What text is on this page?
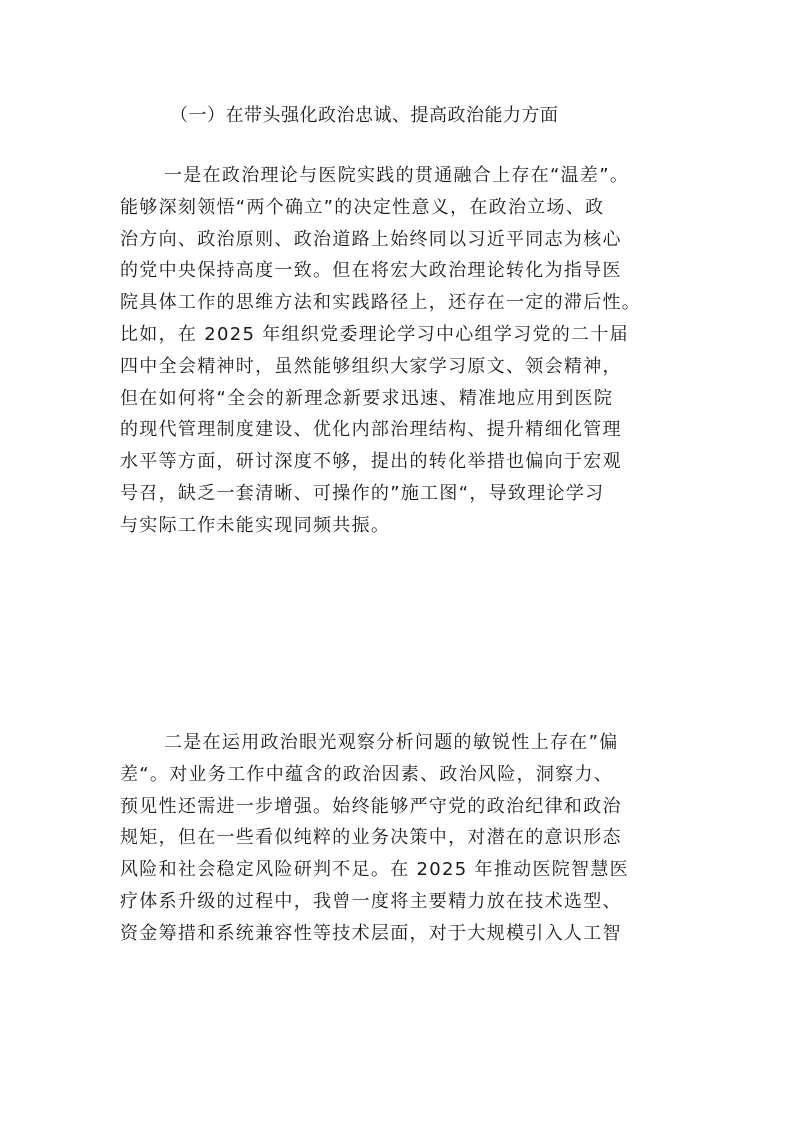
（一）在带头强化政治忠诚、提高政治能力方面
一是在政治理论与医院实践的贯通融合上存在“温差”。
能够深刻领悟“两个确立”的决定性意义，在政治立场、政
治方向、政治原则、政治道路上始终同以习近平同志为核心
的党中央保持高度一致。但在将宏大政治理论转化为指导医
院具体工作的思维方法和实践路径上，还存在一定的滞后性。
比如，在 2025 年组织党委理论学习中心组学习党的二十届
四中全会精神时，虽然能够组织大家学习原文、领会精神，
但在如何将“全会的新理念新要求迅速、精准地应用到医院
的现代管理制度建设、优化内部治理结构、提升精细化管理
水平等方面，研讨深度不够，提出的转化举措也偏向于宏观
号召，缺乏一套清晰、可操作的”施工图“，导致理论学习
与实际工作未能实现同频共振。
二是在运用政治眼光观察分析问题的敏锐性上存在”偏
差“。对业务工作中蕴含的政治因素、政治风险，洞察力、
预见性还需进一步增强。始终能够严守党的政治纪律和政治
规矩，但在一些看似纯粹的业务决策中，对潜在的意识形态
风险和社会稳定风险研判不足。在 2025 年推动医院智慧医
疗体系升级的过程中，我曾一度将主要精力放在技术选型、
资金筹措和系统兼容性等技术层面，对于大规模引入人工智
